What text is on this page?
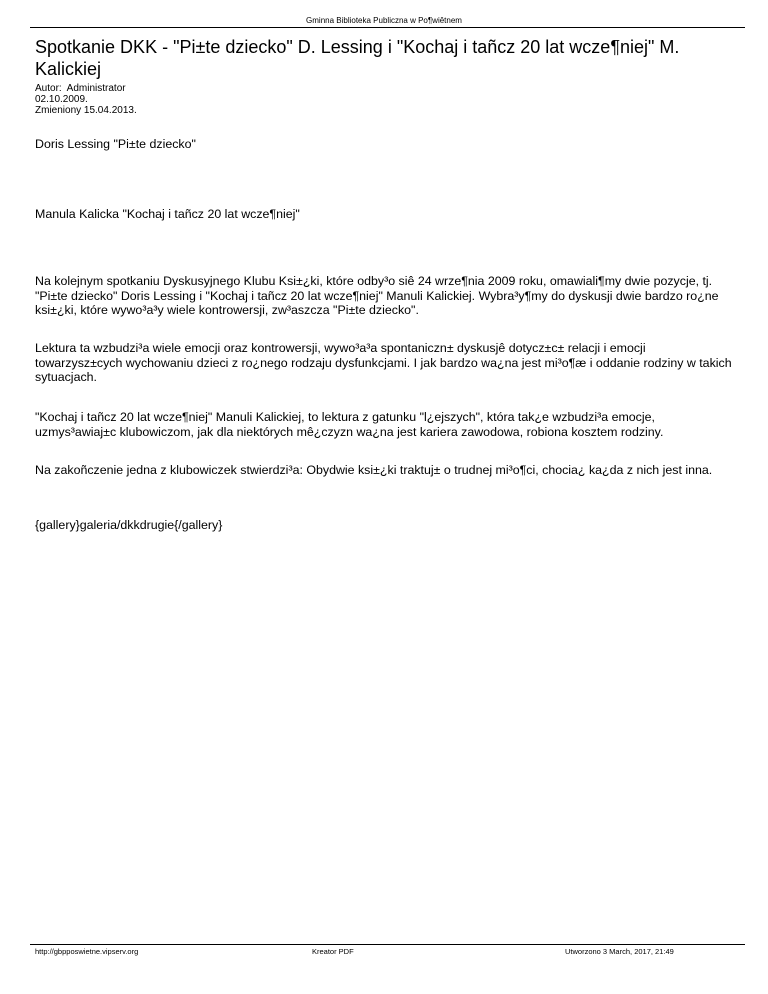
Gminna Biblioteka Publiczna w Po¶wiêtnem
Spotkanie DKK - "Pi±te dziecko" D. Lessing i "Kochaj i tañcz 20 lat wcze¶niej" M. Kalickiej
Autor:  Administrator
02.10.2009.
Zmieniony 15.04.2013.

Doris Lessing "Pi±te dziecko"

Manula Kalicka "Kochaj i tañcz 20 lat wcze¶niej"

Na kolejnym spotkaniu Dyskusyjnego Klubu Ksi±¿ki, które odby³o siê 24 wrze¶nia 2009 roku, omawiali¶my dwie pozycje, tj. "Pi±te dziecko" Doris Lessing i "Kochaj i tañcz 20 lat wcze¶niej" Manuli Kalickiej. Wybra³y¶my do dyskusji dwie bardzo ro¿ne ksi±¿ki, które wywo³a³y wiele kontrowersji, zw³aszcza "Pi±te dziecko".

Lektura ta wzbudzi³a wiele emocji oraz kontrowersji, wywo³a³a spontaniczn± dyskusjê dotycz±c± relacji i emocji towarzysz±cych wychowaniu dzieci z ro¿nego rodzaju dysfunkcjami. I jak bardzo wa¿na jest mi³o¶æ i oddanie rodziny w takich sytuacjach.

"Kochaj i tañcz 20 lat wcze¶niej" Manuli Kalickiej, to lektura z gatunku "l¿ejszych", która tak¿e wzbudzi³a emocje, uzmys³awiaj±c klubowiczom, jak dla niektórych mê¿czyzn wa¿na jest kariera zawodowa, robiona kosztem rodziny.

Na zakoñczenie jedna z klubowiczek stwierdzi³a: Obydwie ksi±¿ki traktuj± o trudnej mi³o¶ci, chocia¿ ka¿da z nich jest inna.

{gallery}galeria/dkkdrugie{/gallery}

http://gbpposwietne.vipserv.org	Kreator PDF	Utworzono 3 March, 2017, 21:49
